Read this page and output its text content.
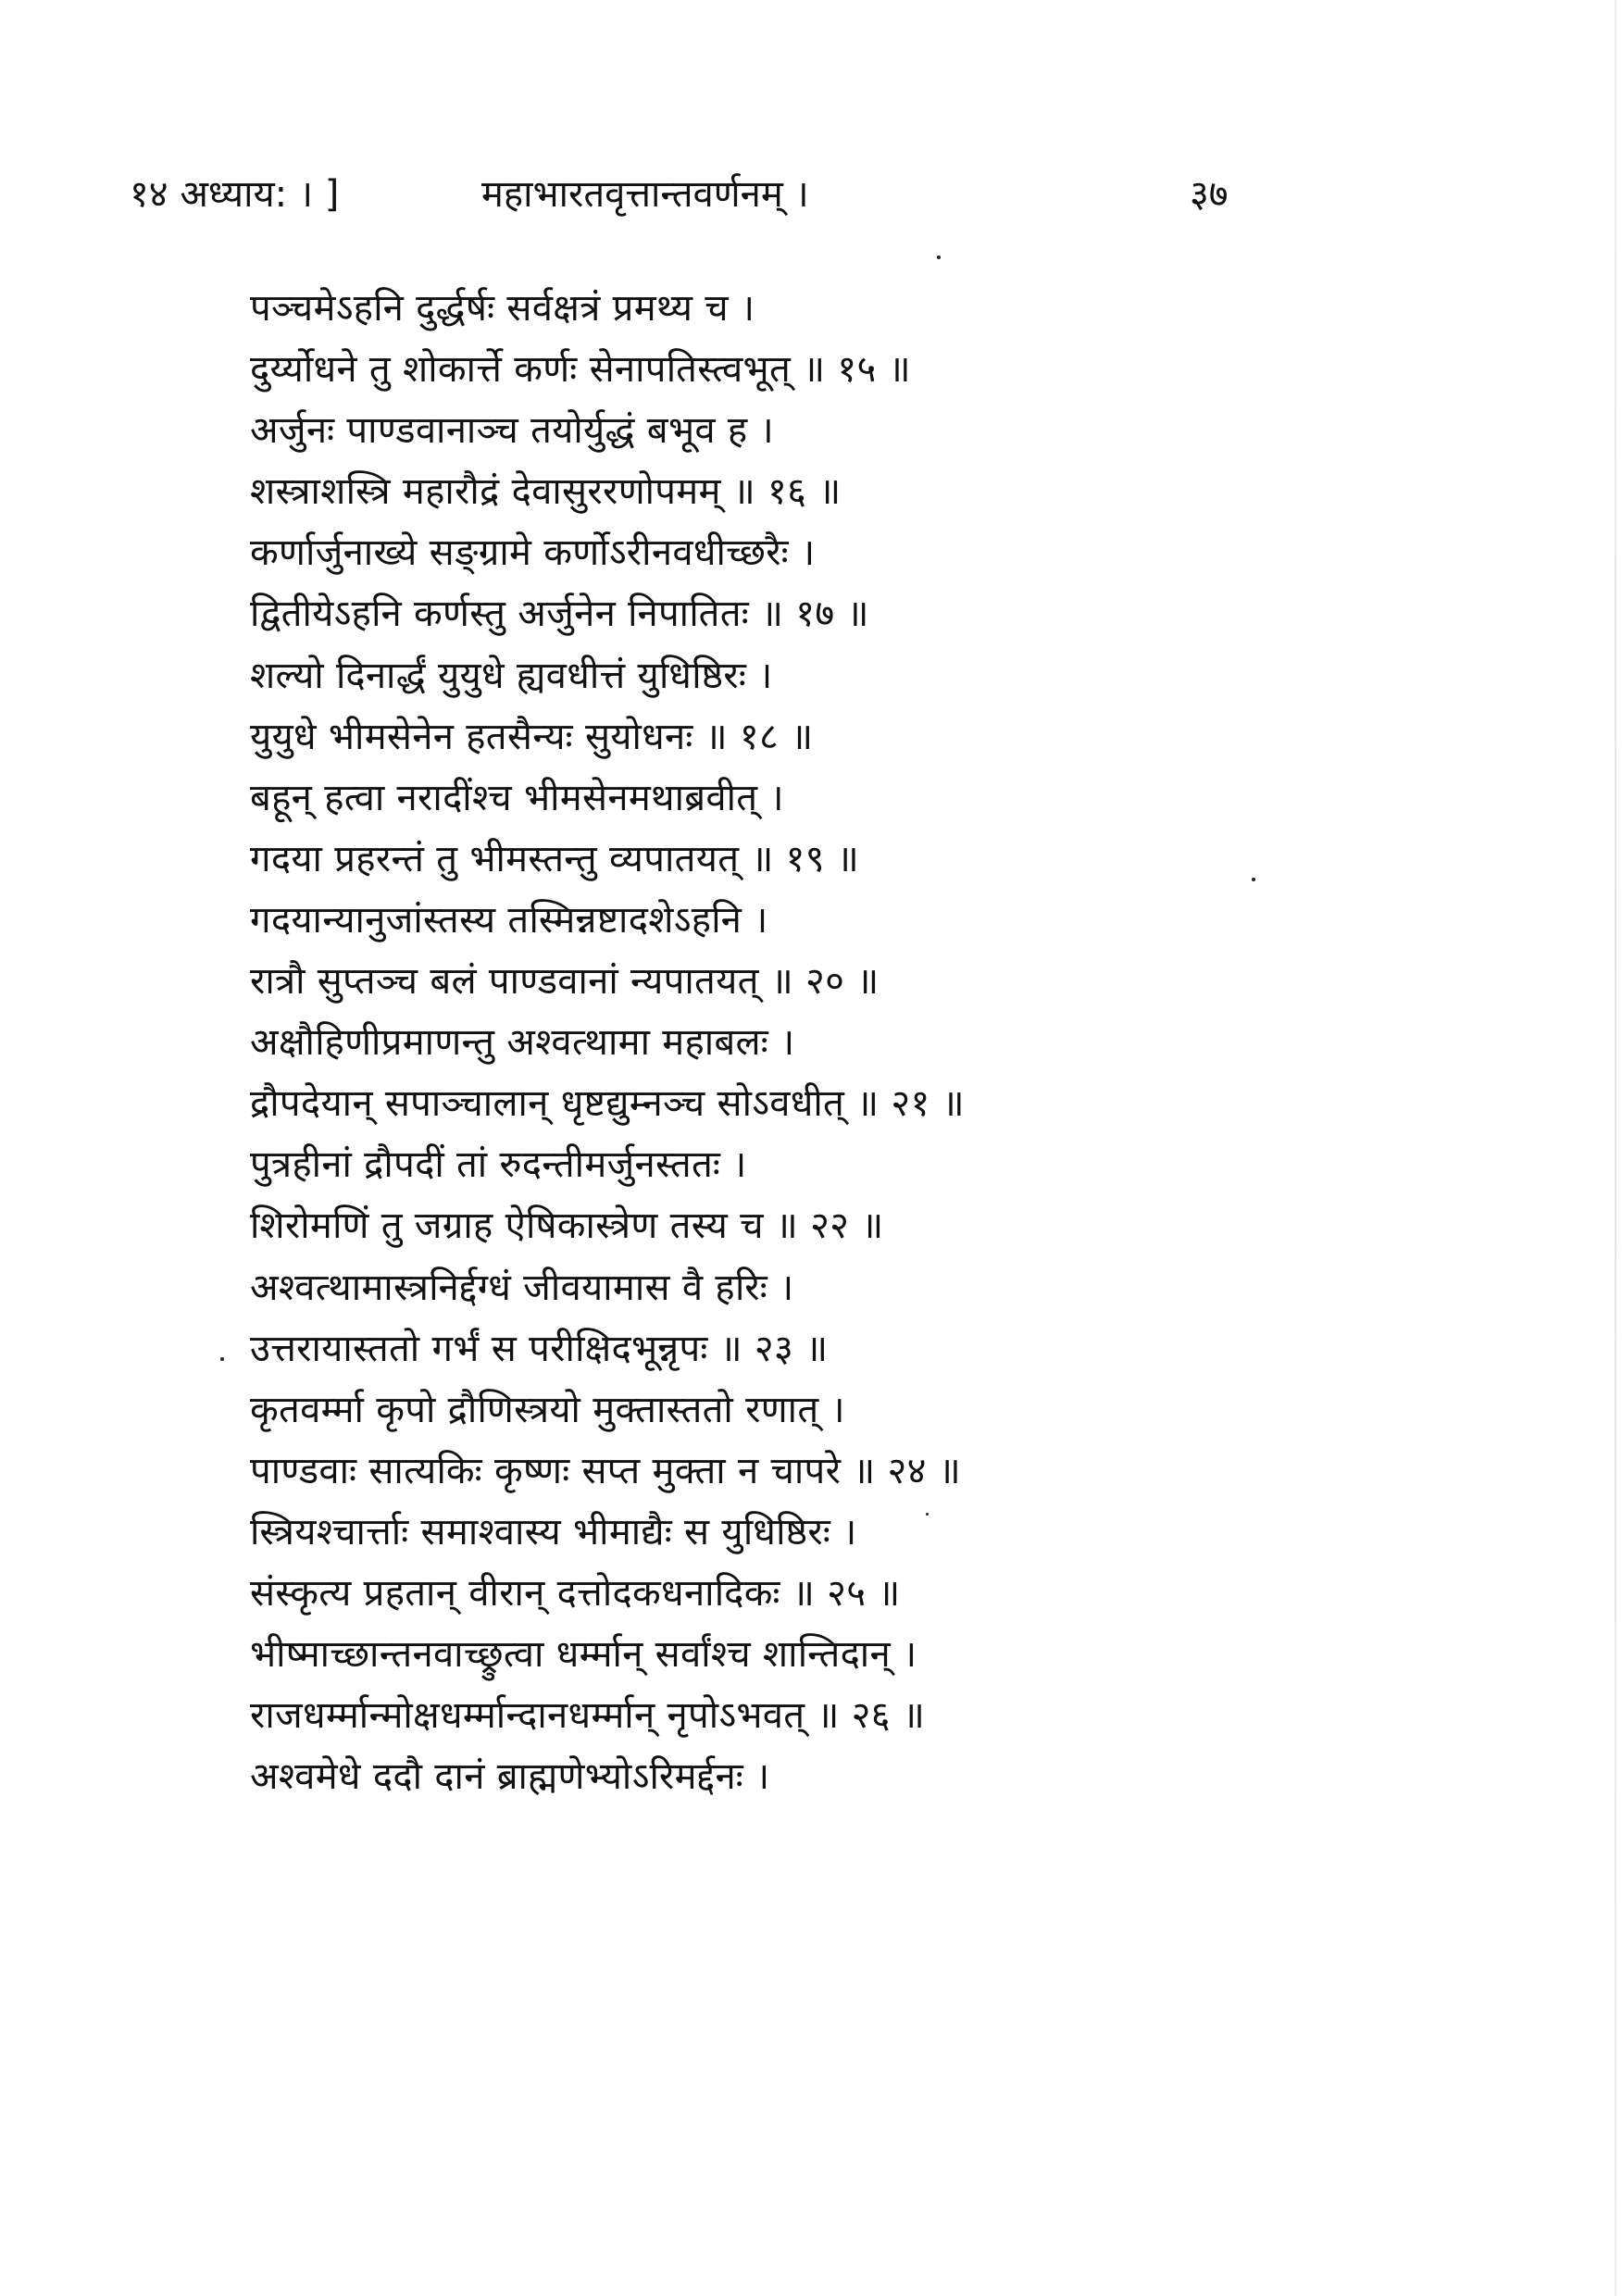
१४ अध्याय: । ]	महाभारतवृत्तान्तवर्णनम् ।	३७
पञ्चमेऽहनि दुर्द्धर्षः सर्वक्षत्रं प्रमथ्य च ।
दुर्य्योधने तु शोकार्त्ते कर्णः सेनापतिस्त्वभूत् ॥ १५ ॥
अर्जुनः पाण्डवानाञ्च तयोर्युद्धं बभूव ह ।
शस्त्राशस्त्रि महारौद्रं देवासुररणोपमम् ॥ १६ ॥
कर्णार्जुनाख्ये सङ्ग्रामे कर्णोऽरीनवधीच्छरैः ।
द्वितीयेऽहनि कर्णस्तु अर्जुनेन निपातितः ॥ १७ ॥
शल्यो दिनार्द्धं युयुधे ह्यवधीत्तं युधिष्ठिरः ।
युयुधे भीमसेनेन हतसैन्यः सुयोधनः ॥ १८ ॥
बहून् हत्वा नरादींश्च भीमसेनमथाब्रवीत् ।
गदया प्रहरन्तं तु भीमस्तन्तु व्यपातयत् ॥ १९ ॥
गदयान्यानुजांस्तस्य तस्मिन्नष्टादशेऽहनि ।
रात्रौ सुप्तञ्च बलं पाण्डवानां न्यपातयत् ॥ २० ॥
अक्षौहिणीप्रमाणन्तु अश्वत्थामा महाबलः ।
द्रौपदेयान् सपाञ्चालान् धृष्टद्युम्नञ्च सोऽवधीत् ॥ २१ ॥
पुत्रहीनां द्रौपदीं तां रुदन्तीमर्जुनस्ततः ।
शिरोमणिं तु जग्राह ऐषिकास्त्रेण तस्य च ॥ २२ ॥
अश्वत्थामास्त्रनिर्द्दग्धं जीवयामास वै हरिः ।
उत्तरायास्ततो गर्भं स परीक्षिदभून्नृपः ॥ २३ ॥
कृतवर्म्मा कृपो द्रौणिस्त्रयो मुक्तास्ततो रणात् ।
पाण्डवाः सात्यकिः कृष्णः सप्त मुक्ता न चापरे ॥ २४ ॥
स्त्रियश्चार्त्ताः समाश्वास्य भीमाद्यैः स युधिष्ठिरः ।
संस्कृत्य प्रहतान् वीरान् दत्तोदकधनादिकः ॥ २५ ॥
भीष्माच्छान्तनवाच्छ्रुत्वा धर्म्मान् सर्वांश्च शान्तिदान् ।
राजधर्म्मान्मोक्षधर्म्मान्दानधर्म्मान् नृपोऽभवत् ॥ २६ ॥
अश्वमेधे ददौ दानं ब्राह्मणेभ्योऽरिमर्द्दनः ।
